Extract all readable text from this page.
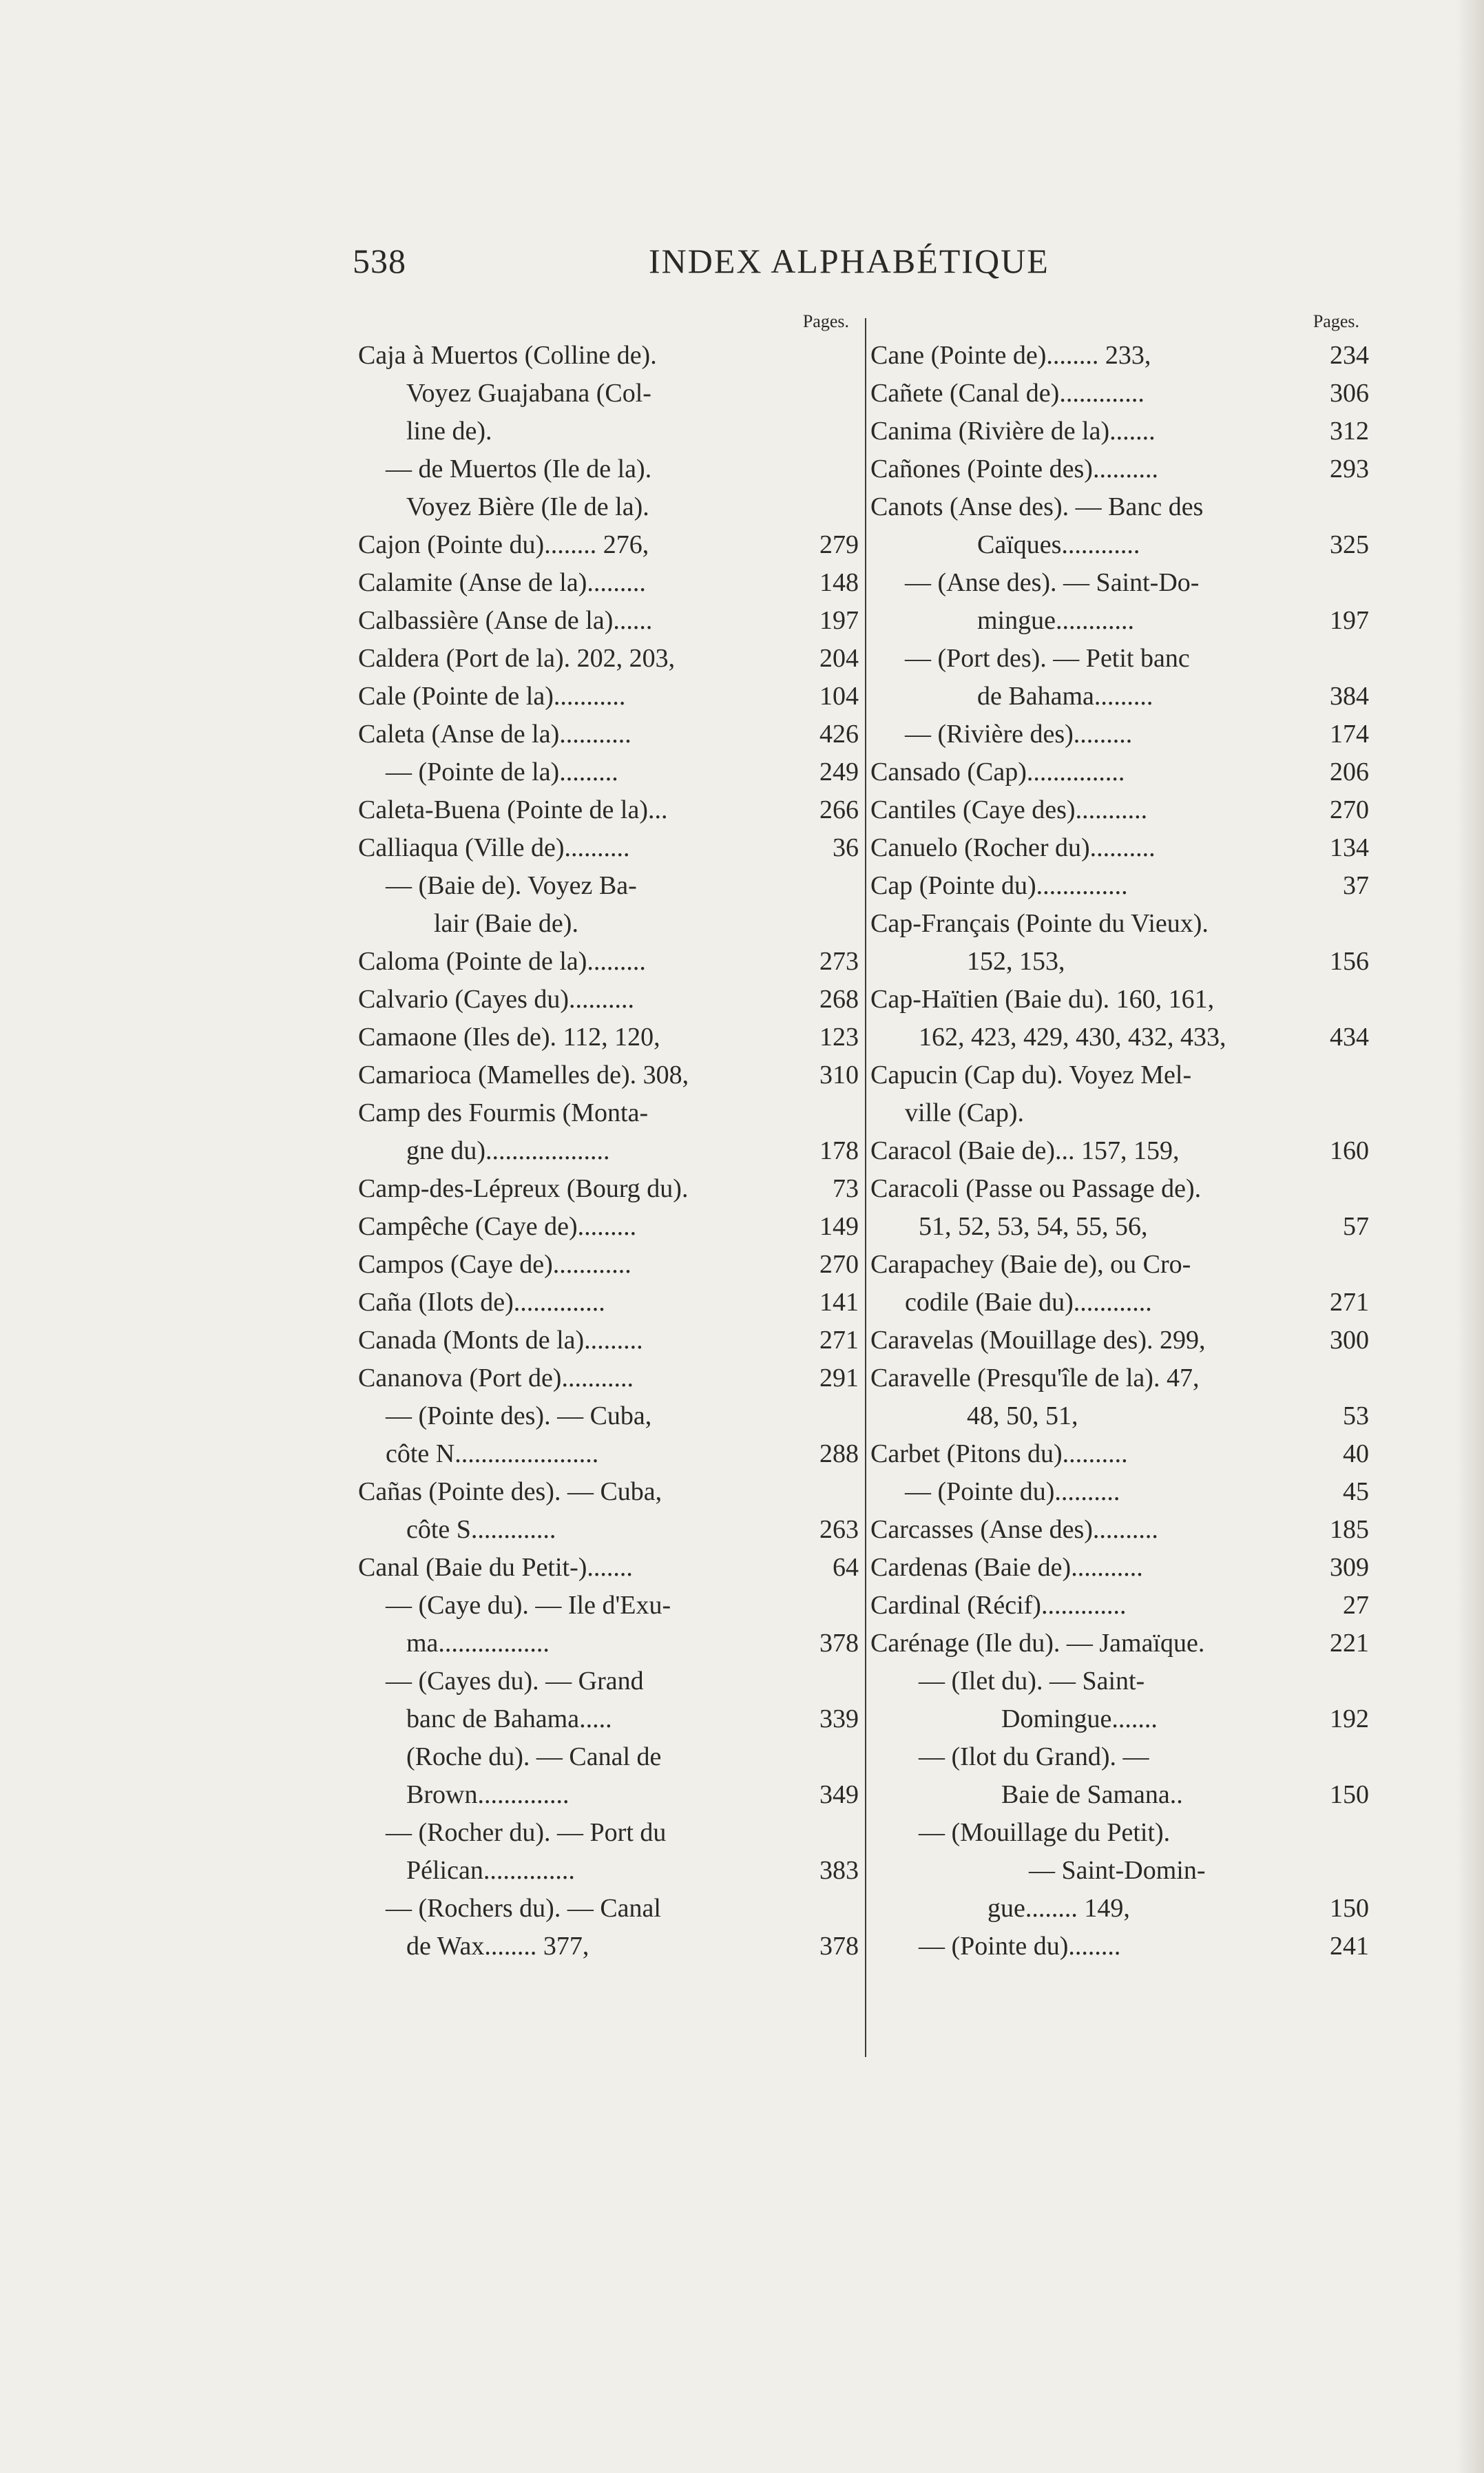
538	INDEX ALPHABÉTIQUE
Pages.
Caja à Muertos (Colline de).
Voyez Guajabana (Col-
line de).
— de Muertos (Ile de la).
Voyez Bière (Ile de la).
Cajon (Pointe du)........ 276,	279
Calamite (Anse de la).........	148
Calbassière (Anse de la)......	197
Caldera (Port de la). 202, 203,	204
Cale (Pointe de la)...........	104
Caleta (Anse de la)...........	426
— (Pointe de la).........	249
Caleta-Buena (Pointe de la)...	266
Calliaqua (Ville de)..........	36
— (Baie de). Voyez Ba-
lair (Baie de).
Caloma (Pointe de la).........	273
Calvario (Cayes du)..........	268
Camaone (Iles de). 112, 120,	123
Camarioca (Mamelles de). 308,	310
Camp des Fourmis (Monta-
gne du)...................	178
Camp-des-Lépreux (Bourg du).	73
Campêche (Caye de).........	149
Campos (Caye de)............	270
Caña (Ilots de)..............	141
Canada (Monts de la).........	271
Cananova (Port de)...........	291
— (Pointe des). — Cuba,
côte N......................	288
Cañas (Pointe des). — Cuba,
côte S.............	263
Canal (Baie du Petit-).......	64
— (Caye du). — Ile d'Exu-
ma.................	378
— (Cayes du). — Grand
banc de Bahama.....	339
(Roche du). — Canal de
Brown..............	349
— (Rocher du). — Port du
Pélican..............	383
— (Rochers du). — Canal
de Wax........ 377,	378
Pages.
Cane (Pointe de)........ 233,	234
Cañete (Canal de).............	306
Canima (Rivière de la).......	312
Cañones (Pointe des)..........	293
Canots (Anse des). — Banc des
Caïques............	325
— (Anse des). — Saint-Do-
mingue............	197
— (Port des). — Petit banc
de Bahama.........	384
— (Rivière des).........	174
Cansado (Cap)...............	206
Cantiles (Caye des)...........	270
Canuelo (Rocher du)..........	134
Cap (Pointe du)..............	37
Cap-Français (Pointe du Vieux).
152, 153,	156
Cap-Haïtien (Baie du). 160, 161,
162, 423, 429, 430, 432, 433,	434
Capucin (Cap du). Voyez Mel-
ville (Cap).
Caracol (Baie de)... 157, 159,	160
Caracoli (Passe ou Passage de).
51, 52, 53, 54, 55, 56,	57
Carapachey (Baie de), ou Cro-
codile (Baie du)............	271
Caravelas (Mouillage des). 299,	300
Caravelle (Presqu'île de la). 47,
48, 50, 51,	53
Carbet (Pitons du)..........	40
— (Pointe du)..........	45
Carcasses (Anse des)..........	185
Cardenas (Baie de)...........	309
Cardinal (Récif).............	27
Carénage (Ile du). — Jamaïque.	221
— (Ilet du). — Saint-
Domingue.......	192
— (Ilot du Grand). —
Baie de Samana..	150
— (Mouillage du Petit).
— Saint-Domin-
gue........ 149,	150
— (Pointe du)........	241
